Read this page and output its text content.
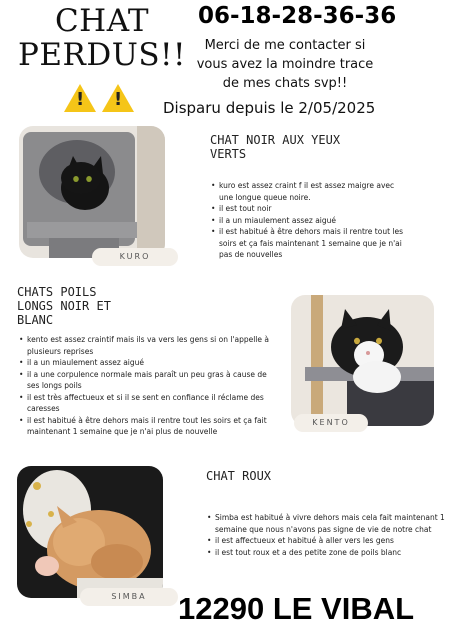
CHAT PERDUS!!
06-18-28-36-36
Merci de me contacter si vous avez la moindre trace de mes chats svp!!
! !	Disparu depuis le 2/05/2025
KURO
CHAT NOIR AUX YEUX VERTS
• kuro est assez craint f il est assez maigre avec une longue queue noire.
• il est tout noir
• il a un miaulement assez aigué
• il est habitué à être dehors mais il rentre tout les soirs et ça fais maintenant 1 semaine que je n'ai pas de nouvelles
CHATS POILS LONGS NOIR ET BLANC
• kento est assez craintif mais ils va vers les gens si on l'appelle à plusieurs reprises
• il a un miaulement assez aigué
• il a une corpulence normale mais paraît un peu gras à cause de ses longs poils
• il est très affectueux et si il se sent en confiance il réclame des caresses
• il est habitué à être dehors mais il rentre tout les soirs et ça fait maintenant 1 semaine que je n'ai plus de nouvelle
KENTO
SIMBA
CHAT ROUX
• Simba est habitué à vivre dehors mais cela fait maintenant 1 semaine que nous n'avons pas signe de vie de notre chat
• il est affectueux et habitué à aller vers les gens
• il est tout roux et a des petite zone de poils blanc
12290 LE VIBAL
